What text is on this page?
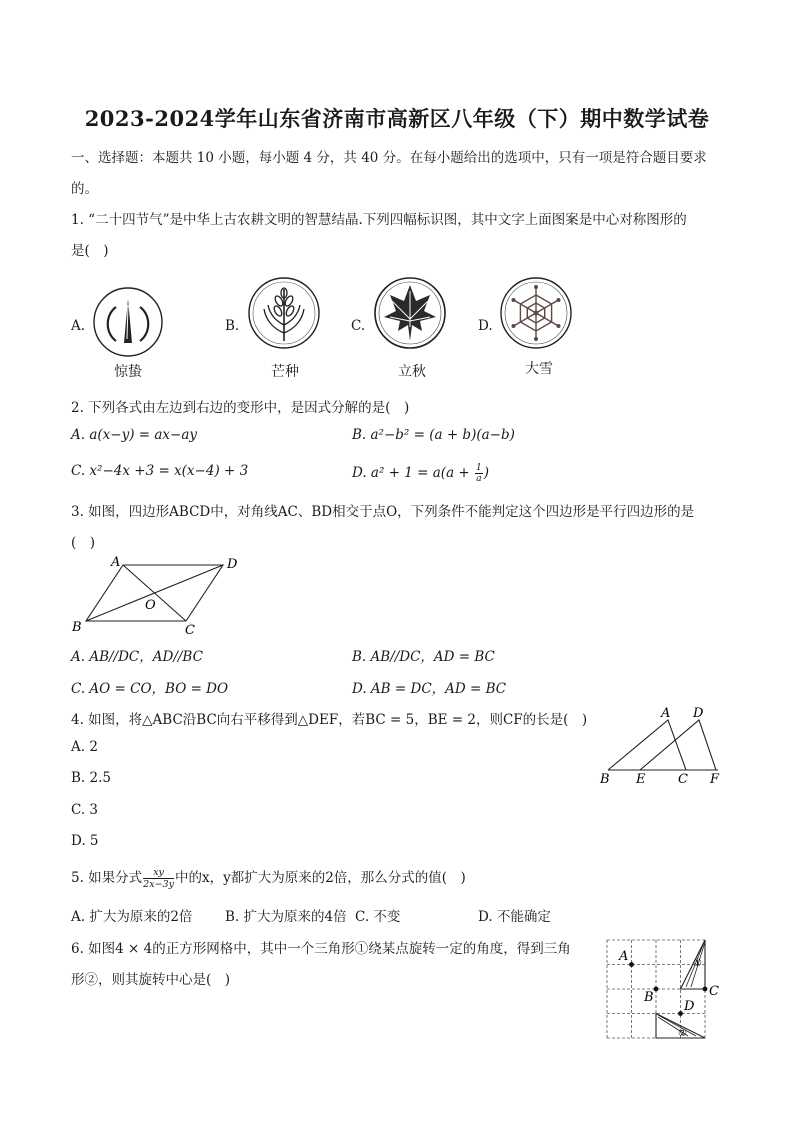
2023-2024学年山东省济南市高新区八年级（下）期中数学试卷
一、选择题：本题共 10 小题，每小题 4 分，共 40 分。在每小题给出的选项中，只有一项是符合题目要求
的。
1. “二十四节气”是中华上古农耕文明的智慧结晶.下列四幅标识图，其中文字上面图案是中心对称图形的
是(　)
A.	B.	C.	D.
惊蛰	芒种	立秋	大雪
2. 下列各式由左边到右边的变形中，是因式分解的是(　)
A. a(x−y) = ax−ay	B. a²−b² = (a + b)(a−b)
C. x²−4x +3 = x(x−4) + 3	D. $a^2 + 1 = a(a + \frac{1}{a}$ )
3. 如图，四边形ABCD中，对角线AC、BD相交于点O，下列条件不能判定这个四边形是平行四边形的是
(　)
A	D
B	C
O
A. AB//DC，AD//BC	B. AB//DC，AD = BC
C. AO = CO，BO = DO	D. AB = DC，AD = BC
4. 如图，将△ABC沿BC向右平移得到△DEF，若BC = 5，BE = 2，则CF的长是(　)
A. 2
B. 2.5
C. 3
D. 5
A D
B E	C F
5. 如果分式 $\frac{xy}{2x-3y}$ 中的x，y都扩大为原来的2倍，那么分式的值(　)
A. 扩大为原来的2倍 B. 扩大为原来的4倍 C. 不变	D. 不能确定
6. 如图4 × 4的正方形网格中，其中一个三角形①绕某点旋转一定的角度，得到三角
形②，则其旋转中心是(　)
A
B	C
D
①
②
